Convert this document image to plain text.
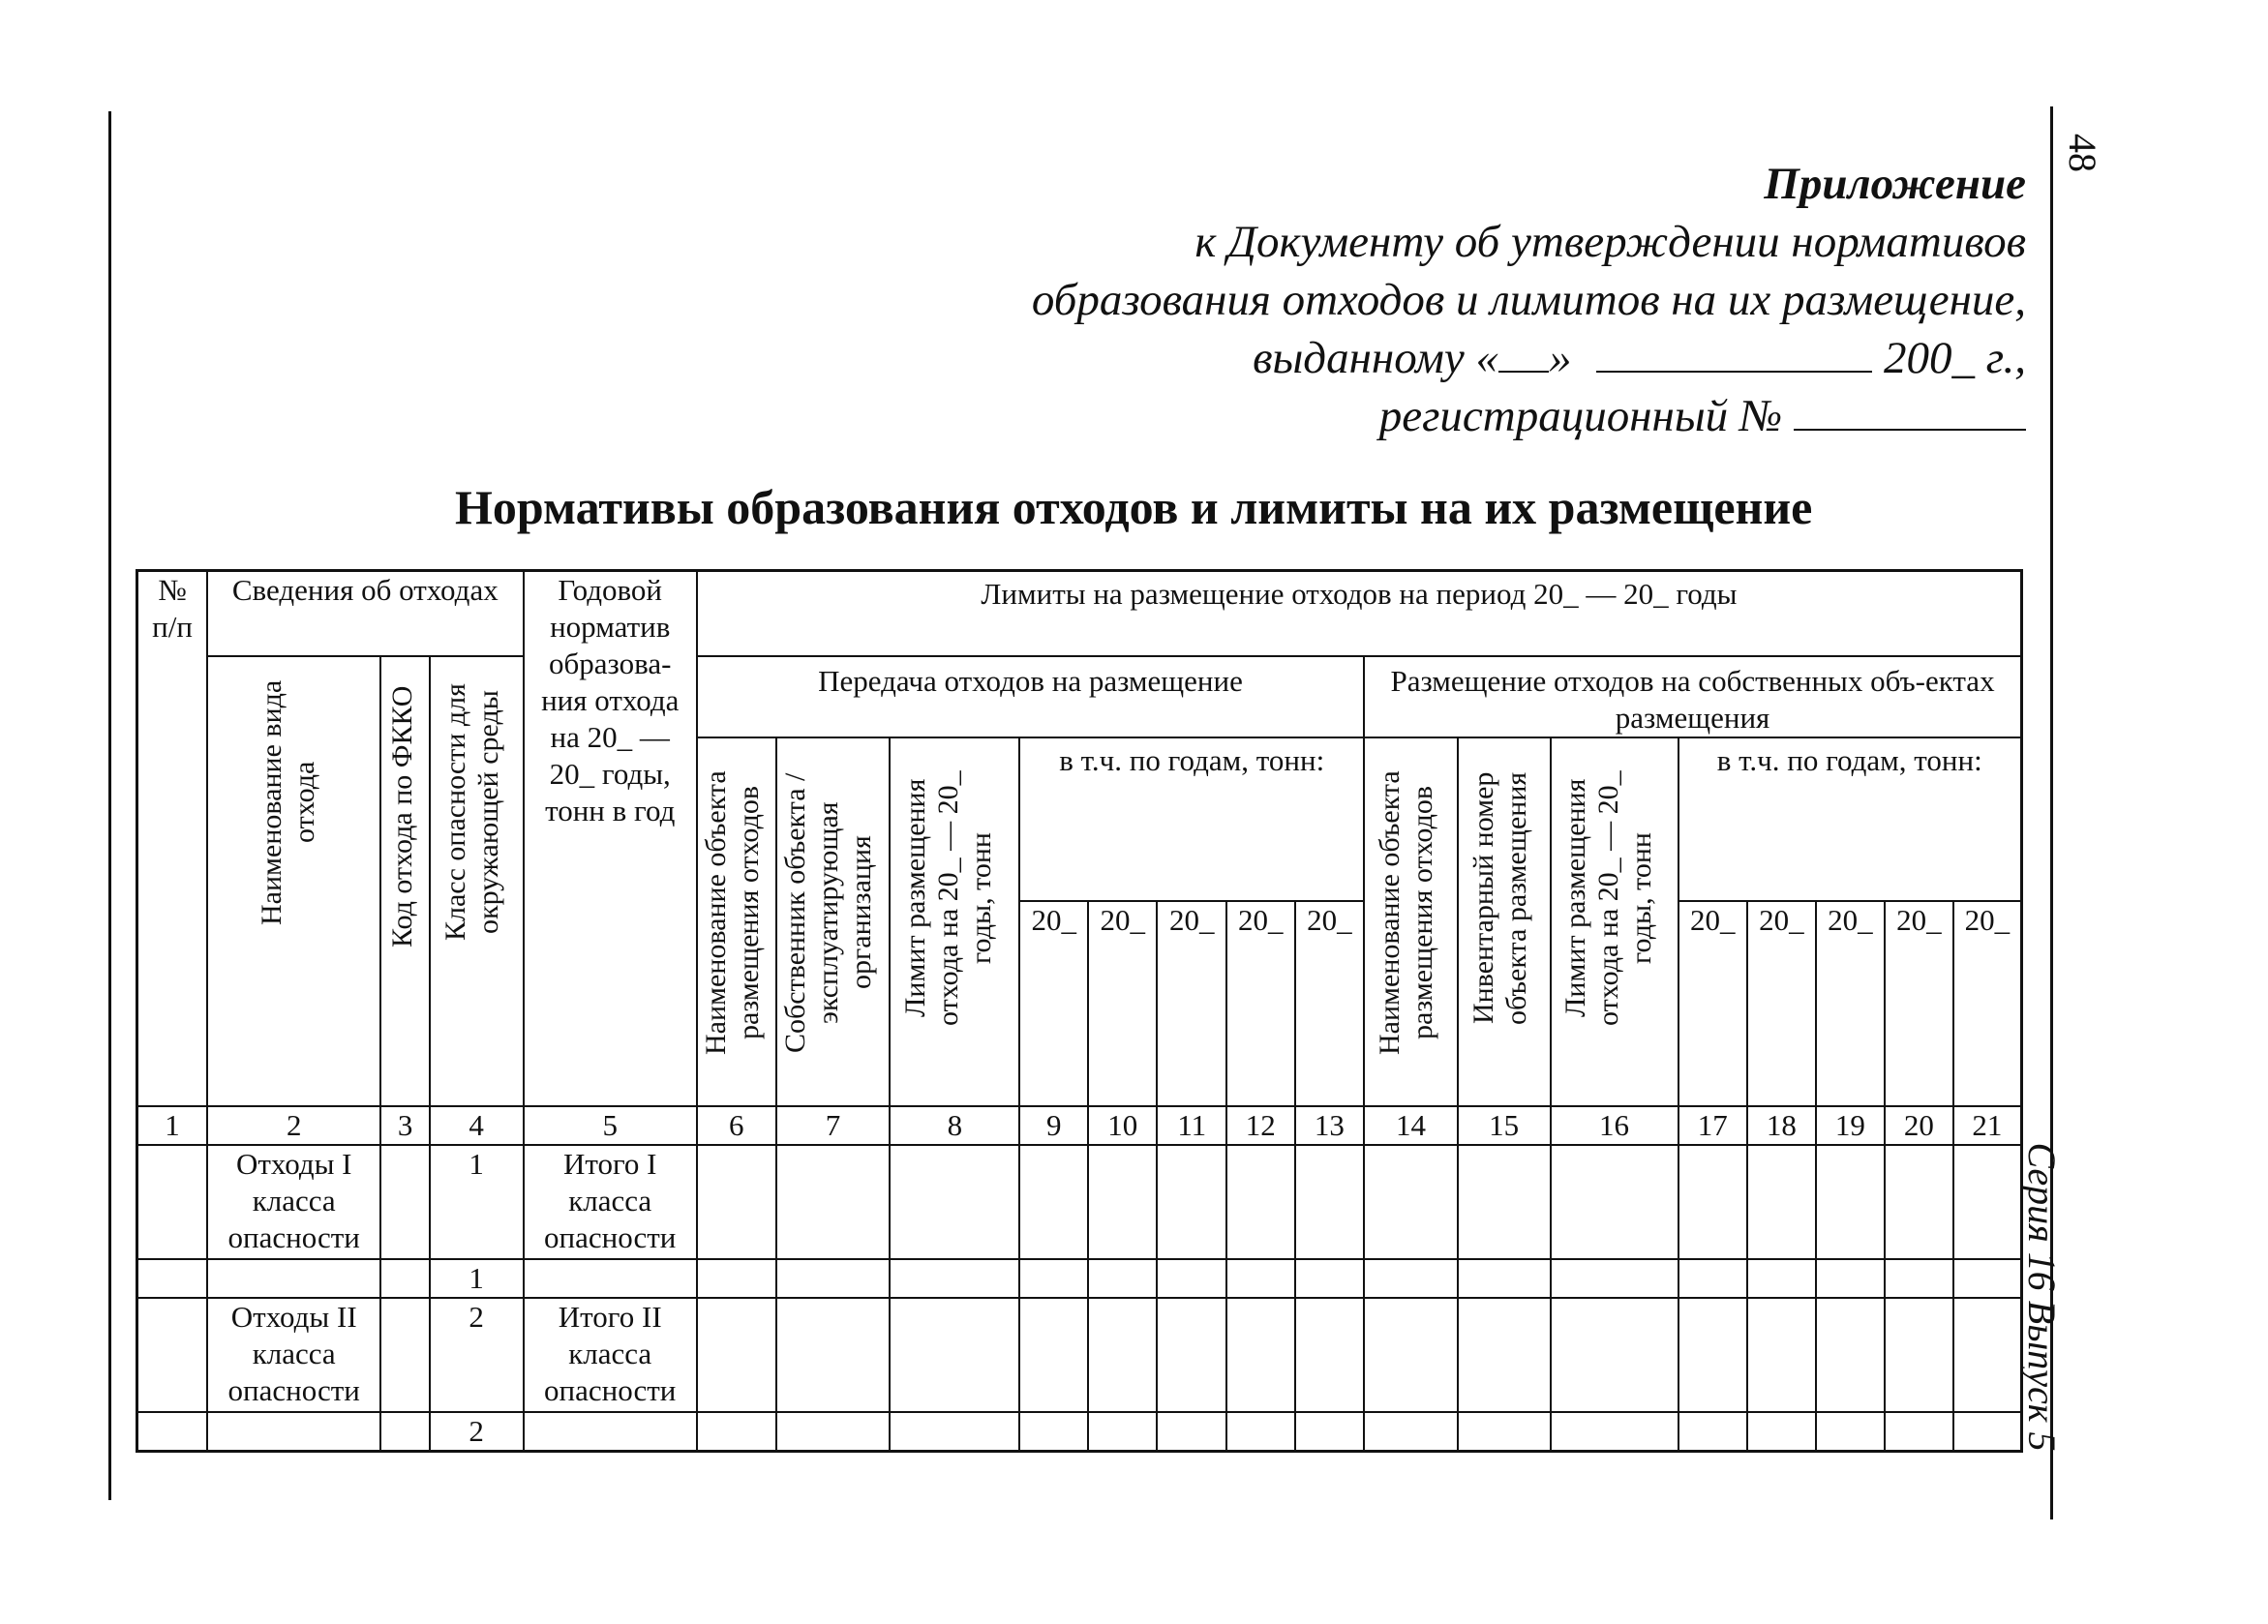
48
Серия 16 Выпуск 5
Приложение
к Документу об утверждении нормативов
образования отходов и лимитов на их размещение,
выданному « »	200_ г.,
регистрационный №
Нормативы образования отходов и лимиты на их размещение
№ п/п	Сведения об отходах			Годовой норматив образова-ния отхода на 20_ — 20_ годы, тонн в год	Лимиты на размещение отходов на период 20_ — 20_ годы															
	Наименование вида отхода	Код отхода по ФККО	Класс опасности для окружающей среды		Передача отходов на размещение								Размещение отходов на собственных объ-ектах размещения							
					Наименование объекта размещения отходов	Собственник объекта / эксплуатирующая организация	Лимит размещения отхода на 20_ — 20_ годы, тонн	в т.ч. по годам, тонн:					Наименование объекта размещения отходов	Инвентарный номер объекта размещения	Лимит размещения отхода на 20_ — 20_ годы, тонн	в т.ч. по годам, тонн:				
								20_	20_	20_	20_	20_				20_	20_	20_	20_	20_
1	2	3	4	5	6	7	8	9	10	11	12	13	14	15	16	17	18	19	20	21
	Отходы I класса опасности		1	Итого I класса опасности																
			1																	
	Отходы II класса опасности		2	Итого II класса опасности																
			2																	
